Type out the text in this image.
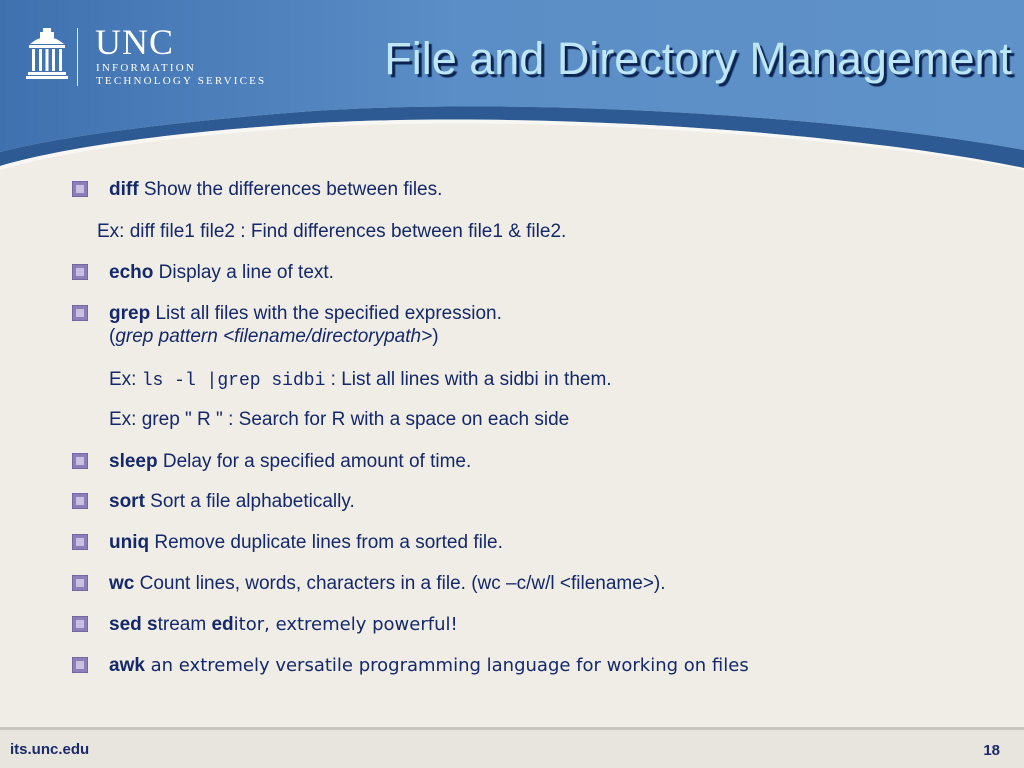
UNC
INFORMATION
TECHNOLOGY SERVICES	File and Directory Management
diff Show the differences between files.
Ex: diff file1 file2 : Find differences between file1 & file2.
echo Display a line of text.
grep List all files with the specified expression.
(grep pattern <filename/directorypath>)
Ex: ls -l |grep sidbi : List all lines with a sidbi in them.
Ex: grep " R " : Search for R with a space on each side
sleep Delay for a specified amount of time.
sort Sort a file alphabetically.
uniq Remove duplicate lines from a sorted file.
wc Count lines, words, characters in a file. (wc –c/w/l <filename>).
sed stream editor, extremely powerful!
awk an extremely versatile programming language for working on files
its.unc.edu	18
